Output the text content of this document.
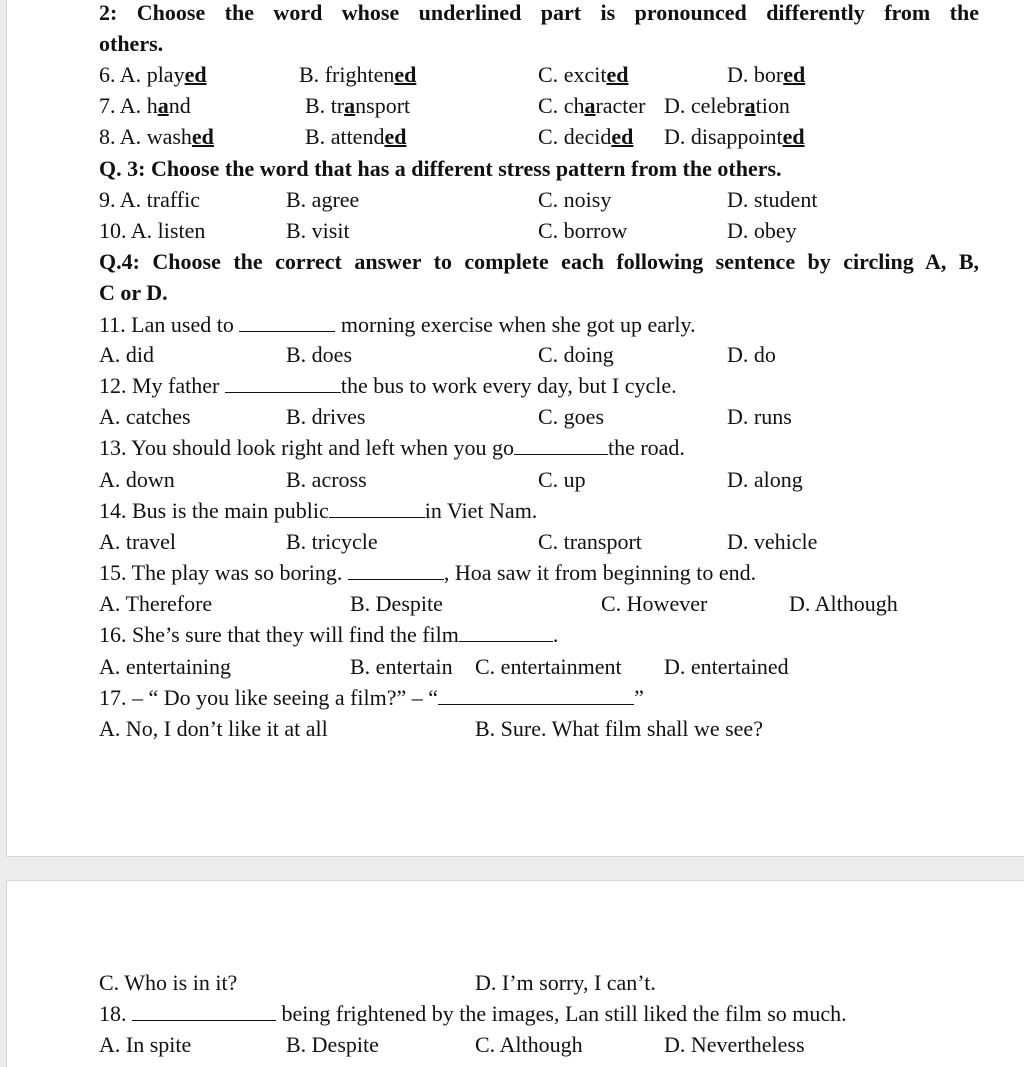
2: Choose the word whose underlined part is pronounced differently from the
others.
6. A. played	B. frightened	C. excited	D. bored
7. A. hand	B. transport	C. character D. celebration
8. A. washed	B. attended	C. decided D. disappointed
Q. 3: Choose the word that has a different stress pattern from the others.
9. A. traffic	B. agree	C. noisy	D. student
10. A. listen	B. visit	C. borrow	D. obey
Q.4: Choose the correct answer to complete each following sentence by circling A, B,
C or D.
11. Lan used to	morning exercise when she got up early.
A. did	B. does	C. doing	D. do
12. My father	the bus to work every day, but I cycle.
A. catches	B. drives	C. goes	D. runs
13. You should look right and left when you go	the road.
A. down	B. across	C. up	D. along
14. Bus is the main public	in Viet Nam.
A. travel	B. tricycle	C. transport	D. vehicle
15. The play was so boring.	, Hoa saw it from beginning to end.
A. Therefore	B. Despite	C. However	D. Although
16. She’s sure that they will find the film	.
A. entertaining	B. entertain C. entertainment D. entertained
17. – “ Do you like seeing a film?” – “	”
A. No, I don’t like it at all	B. Sure. What film shall we see?
C. Who is in it?	D. I’m sorry, I can’t.
18.	being frightened by the images, Lan still liked the film so much.
A. In spite	B. Despite	C. Although	D. Nevertheless
